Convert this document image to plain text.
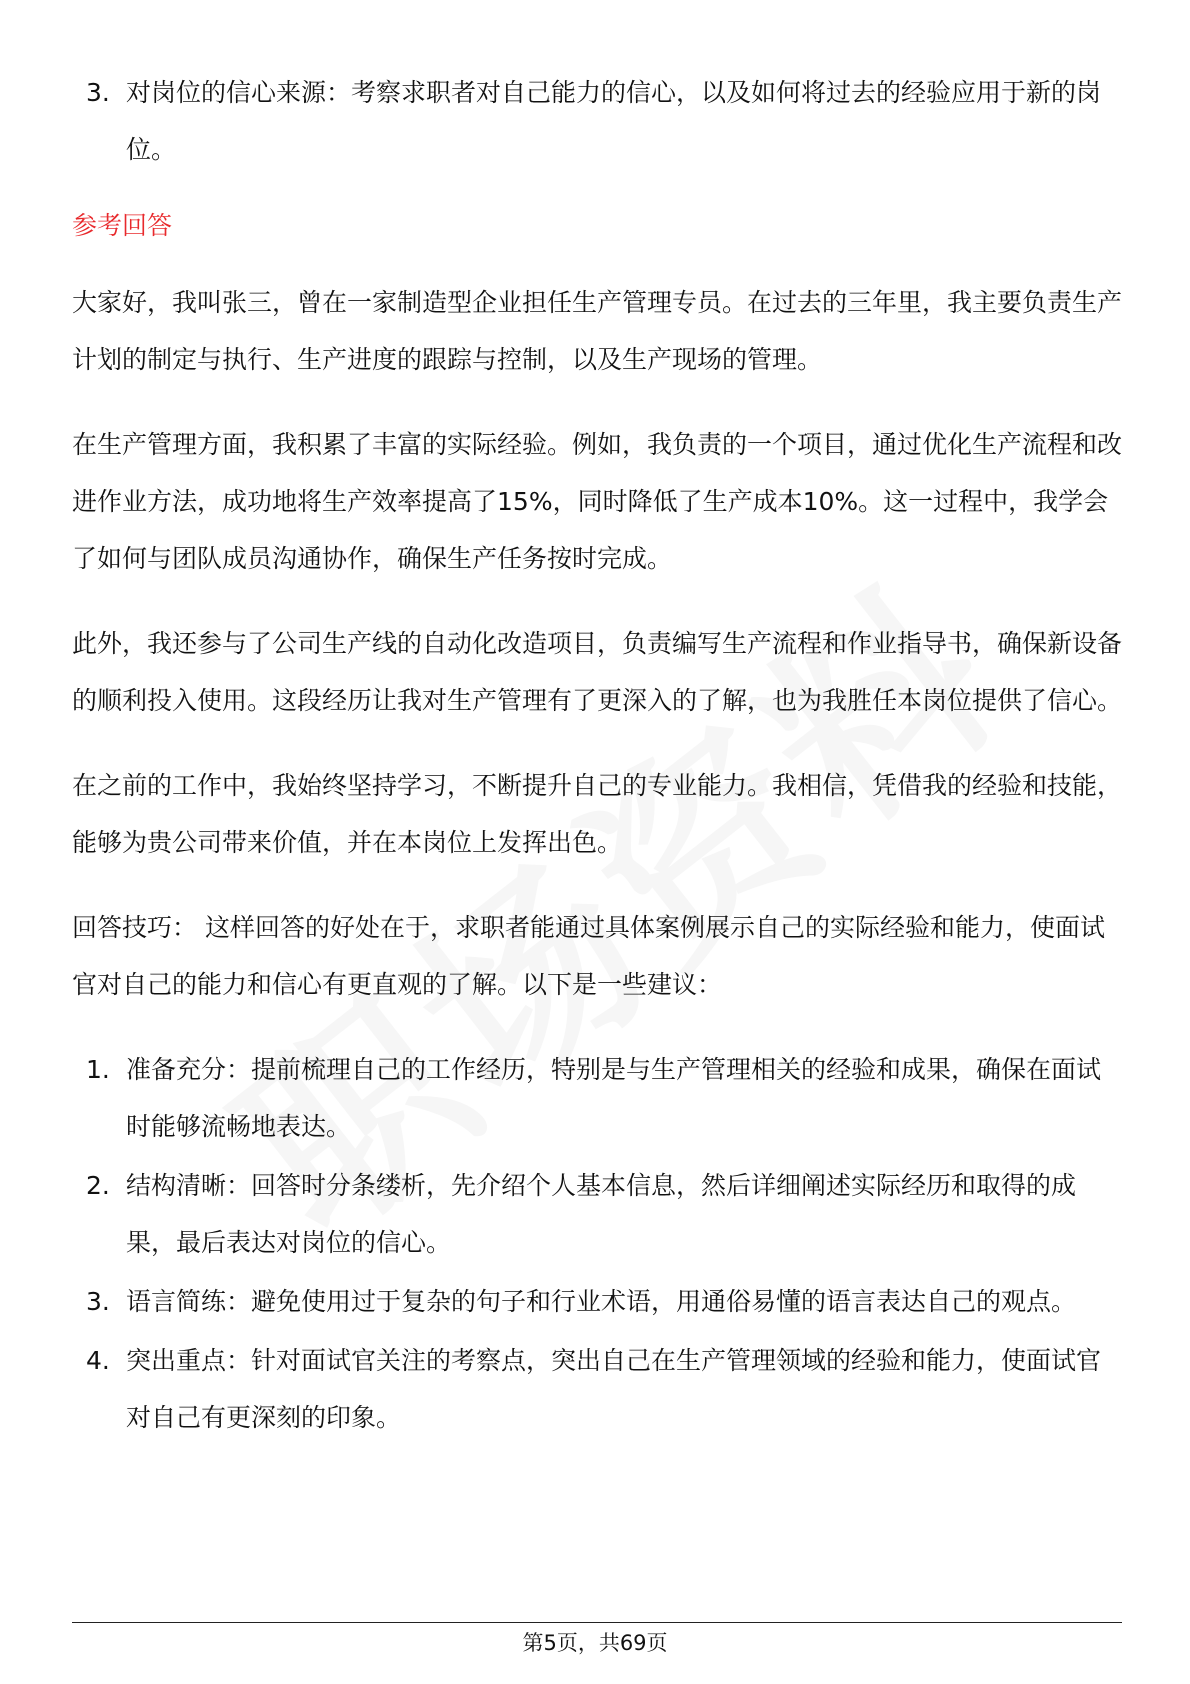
3. 对岗位的信心来源：考察求职者对自己能力的信心，以及如何将过去的经验应用于新的岗位。
参考回答

大家好，我叫张三，曾在一家制造型企业担任生产管理专员。在过去的三年里，我主要负责生产计划的制定与执行、生产进度的跟踪与控制，以及生产现场的管理。

在生产管理方面，我积累了丰富的实际经验。例如，我负责的一个项目，通过优化生产流程和改进作业方法，成功地将生产效率提高了15%，同时降低了生产成本10%。这一过程中，我学会了如何与团队成员沟通协作，确保生产任务按时完成。

此外，我还参与了公司生产线的自动化改造项目，负责编写生产流程和作业指导书，确保新设备的顺利投入使用。这段经历让我对生产管理有了更深入的了解，也为我胜任本岗位提供了信心。

在之前的工作中，我始终坚持学习，不断提升自己的专业能力。我相信，凭借我的经验和技能，能够为贵公司带来价值，并在本岗位上发挥出色。

回答技巧： 这样回答的好处在于，求职者能通过具体案例展示自己的实际经验和能力，使面试官对自己的能力和信心有更直观的了解。以下是一些建议：

1. 准备充分：提前梳理自己的工作经历，特别是与生产管理相关的经验和成果，确保在面试时能够流畅地表达。
2. 结构清晰：回答时分条缕析，先介绍个人基本信息，然后详细阐述实际经历和取得的成果，最后表达对岗位的信心。
3. 语言简练：避免使用过于复杂的句子和行业术语，用通俗易懂的语言表达自己的观点。
4. 突出重点：针对面试官关注的考察点，突出自己在生产管理领域的经验和能力，使面试官对自己有更深刻的印象。
第5页，共69页
